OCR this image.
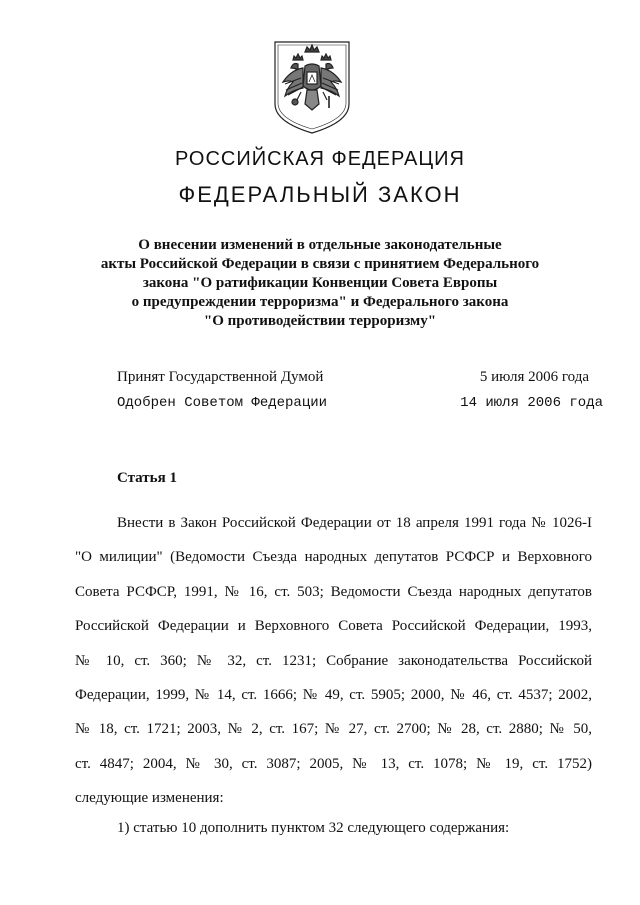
РОССИЙСКАЯ ФЕДЕРАЦИЯ
ФЕДЕРАЛЬНЫЙ ЗАКОН
О внесении изменений в отдельные законодательные
акты Российской Федерации в связи с принятием Федерального
закона "О ратификации Конвенции Совета Европы
о предупреждении терроризма" и Федерального закона
"О противодействии терроризму"
Принят Государственной Думой	5 июля 2006 года
Одобрен Советом Федерации	14 июля 2006 года
Статья 1
Внести в Закон Российской Федерации от 18 апреля 1991 года № 1026-I
"О милиции" (Ведомости Съезда народных депутатов РСФСР и Верховного
Совета РСФСР, 1991, № 16, ст. 503; Ведомости Съезда народных депутатов
Российской Федерации и Верховного Совета Российской Федерации, 1993,
№ 10, ст. 360; № 32, ст. 1231; Собрание законодательства Российской
Федерации, 1999, № 14, ст. 1666; № 49, ст. 5905; 2000, № 46, ст. 4537; 2002,
№ 18, ст. 1721; 2003, № 2, ст. 167; № 27, ст. 2700; № 28, ст. 2880; № 50,
ст. 4847; 2004, № 30, ст. 3087; 2005, № 13, ст. 1078; № 19, ст. 1752)
следующие изменения:
1) статью 10 дополнить пунктом 32 следующего содержания:
